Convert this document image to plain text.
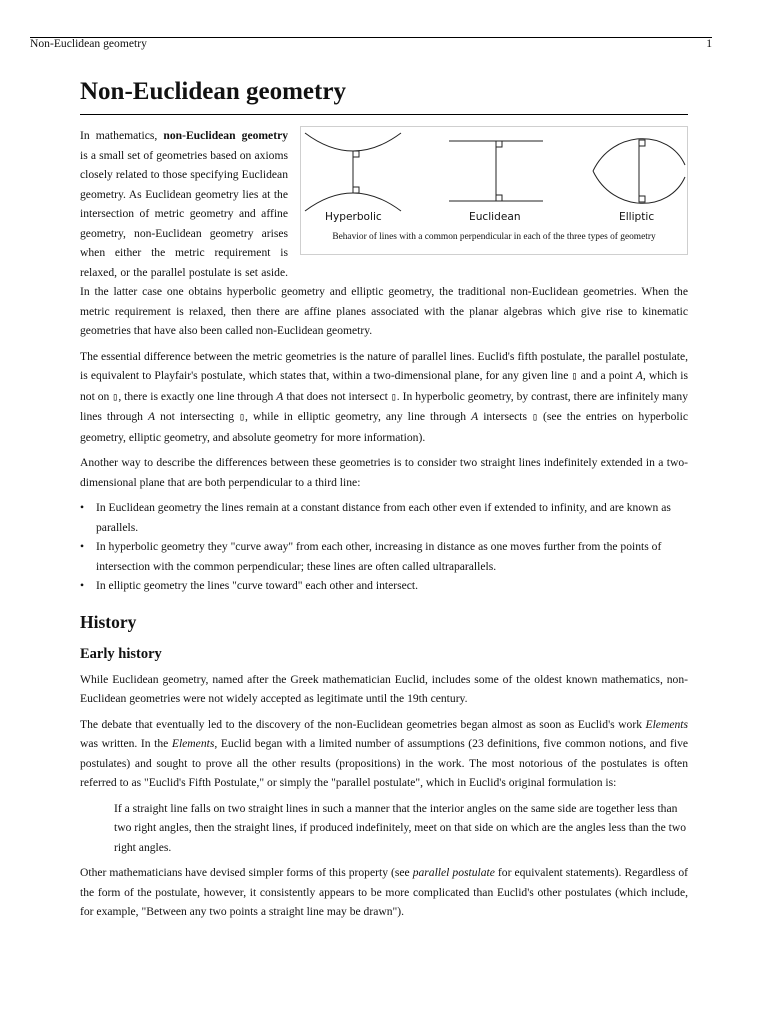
Non-Euclidean geometry	1
Non-Euclidean geometry
Hyperbolic	Euclidean	Elliptic
Behavior of lines with a common perpendicular in each of the three types of geometry

In mathematics, non-Euclidean geometry is a small set of geometries based on axioms closely related to those specifying Euclidean geometry. As Euclidean geometry lies at the intersection of metric geometry and affine geometry, non-Euclidean geometry arises when either the metric requirement is relaxed, or the parallel postulate is set aside. In the latter case one obtains hyperbolic geometry and elliptic geometry, the traditional non-Euclidean geometries. When the metric requirement is relaxed, then there are affine planes associated with the planar algebras which give rise to kinematic geometries that have also been called non-Euclidean geometry.

The essential difference between the metric geometries is the nature of parallel lines. Euclid's fifth postulate, the parallel postulate, is equivalent to Playfair's postulate, which states that, within a two-dimensional plane, for any given line ▯ and a point A, which is not on ▯, there is exactly one line through A that does not intersect ▯. In hyperbolic geometry, by contrast, there are infinitely many lines through A not intersecting ▯, while in elliptic geometry, any line through A intersects ▯ (see the entries on hyperbolic geometry, elliptic geometry, and absolute geometry for more information).

Another way to describe the differences between these geometries is to consider two straight lines indefinitely extended in a two-dimensional plane that are both perpendicular to a third line:

• In Euclidean geometry the lines remain at a constant distance from each other even if extended to infinity, and are known as parallels.
• In hyperbolic geometry they "curve away" from each other, increasing in distance as one moves further from the points of intersection with the common perpendicular; these lines are often called ultraparallels.
• In elliptic geometry the lines "curve toward" each other and intersect.
History
Early history

While Euclidean geometry, named after the Greek mathematician Euclid, includes some of the oldest known mathematics, non-Euclidean geometries were not widely accepted as legitimate until the 19th century.

The debate that eventually led to the discovery of the non-Euclidean geometries began almost as soon as Euclid's work Elements was written. In the Elements, Euclid began with a limited number of assumptions (23 definitions, five common notions, and five postulates) and sought to prove all the other results (propositions) in the work. The most notorious of the postulates is often referred to as "Euclid's Fifth Postulate," or simply the "parallel postulate", which in Euclid's original formulation is:

If a straight line falls on two straight lines in such a manner that the interior angles on the same side are together less than two right angles, then the straight lines, if produced indefinitely, meet on that side on which are the angles less than the two right angles.

Other mathematicians have devised simpler forms of this property (see parallel postulate for equivalent statements). Regardless of the form of the postulate, however, it consistently appears to be more complicated than Euclid's other postulates (which include, for example, "Between any two points a straight line may be drawn").
